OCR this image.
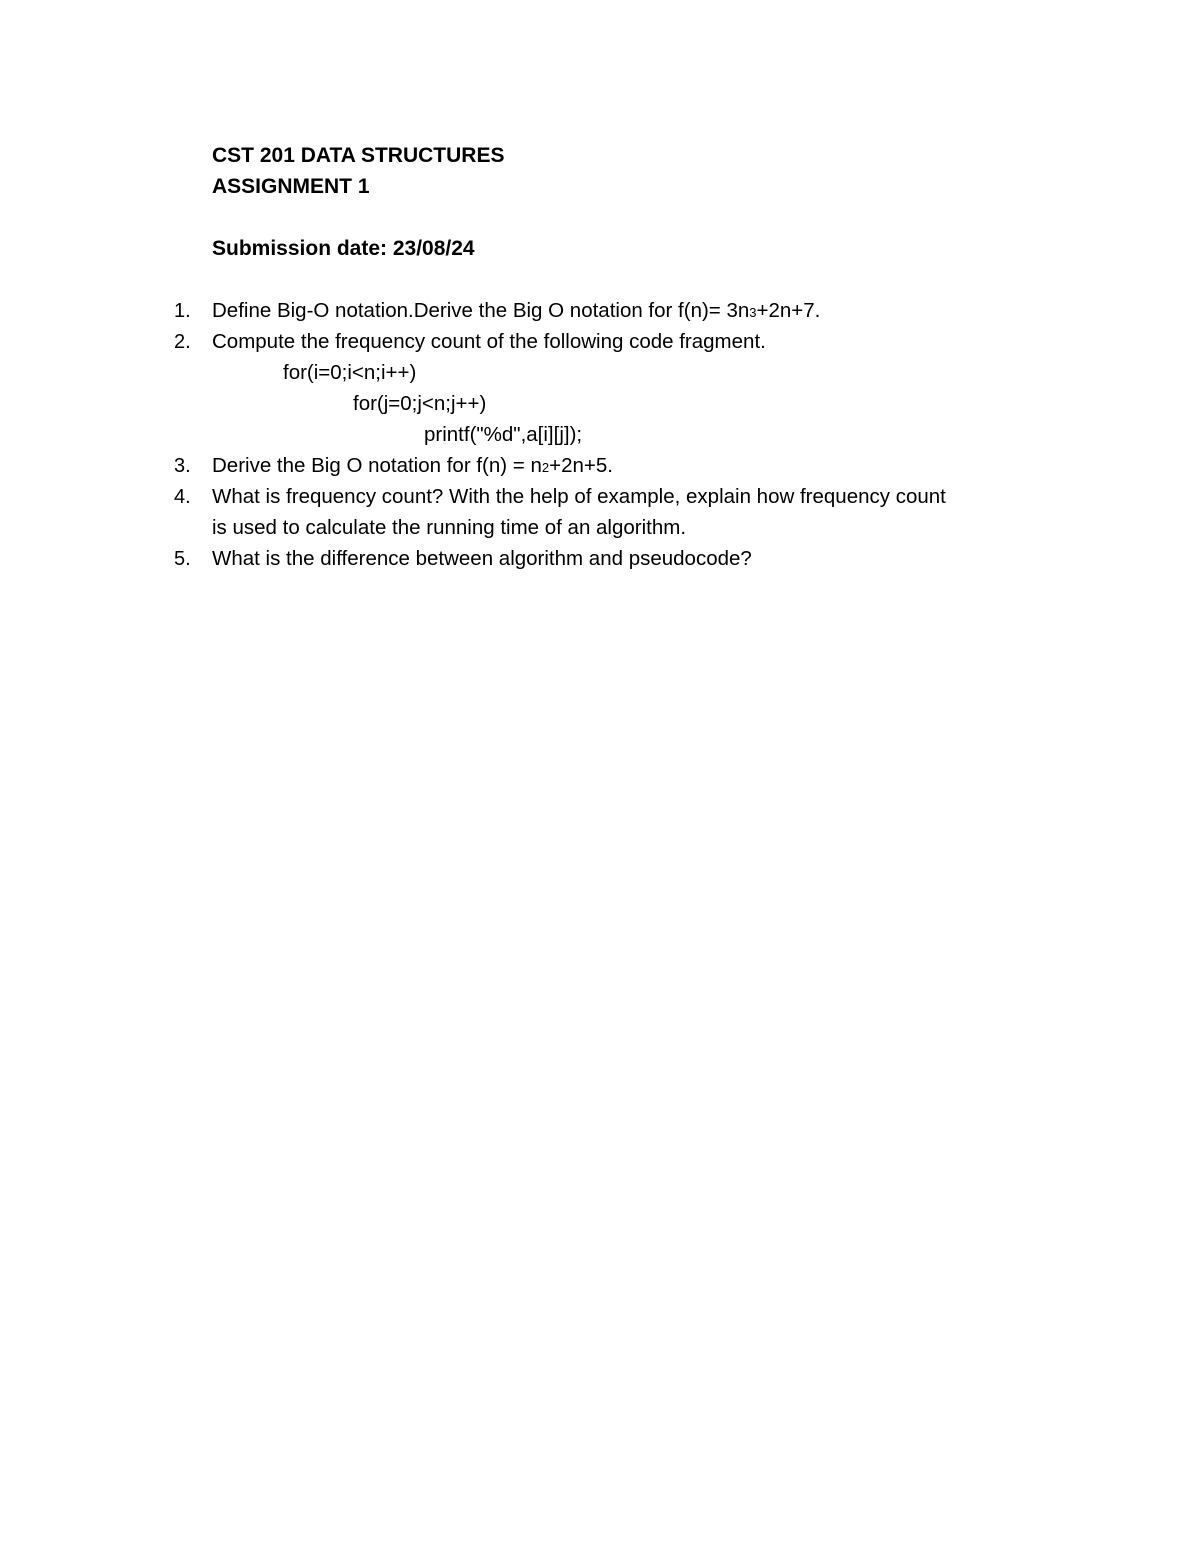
CST 201 DATA STRUCTURES
ASSIGNMENT 1
Submission date: 23/08/24
1. Define Big-O notation.Derive the Big O notation for f(n)= 3n3+2n+7.
2. Compute the frequency count of the following code fragment.
for(i=0;i<n;i++)
for(j=0;j<n;j++)
printf("%d",a[i][j]);
3. Derive the Big O notation for f(n) = n2+2n+5.
4. What is frequency count? With the help of example, explain how frequency count
is used to calculate the running time of an algorithm.
5. What is the difference between algorithm and pseudocode?
